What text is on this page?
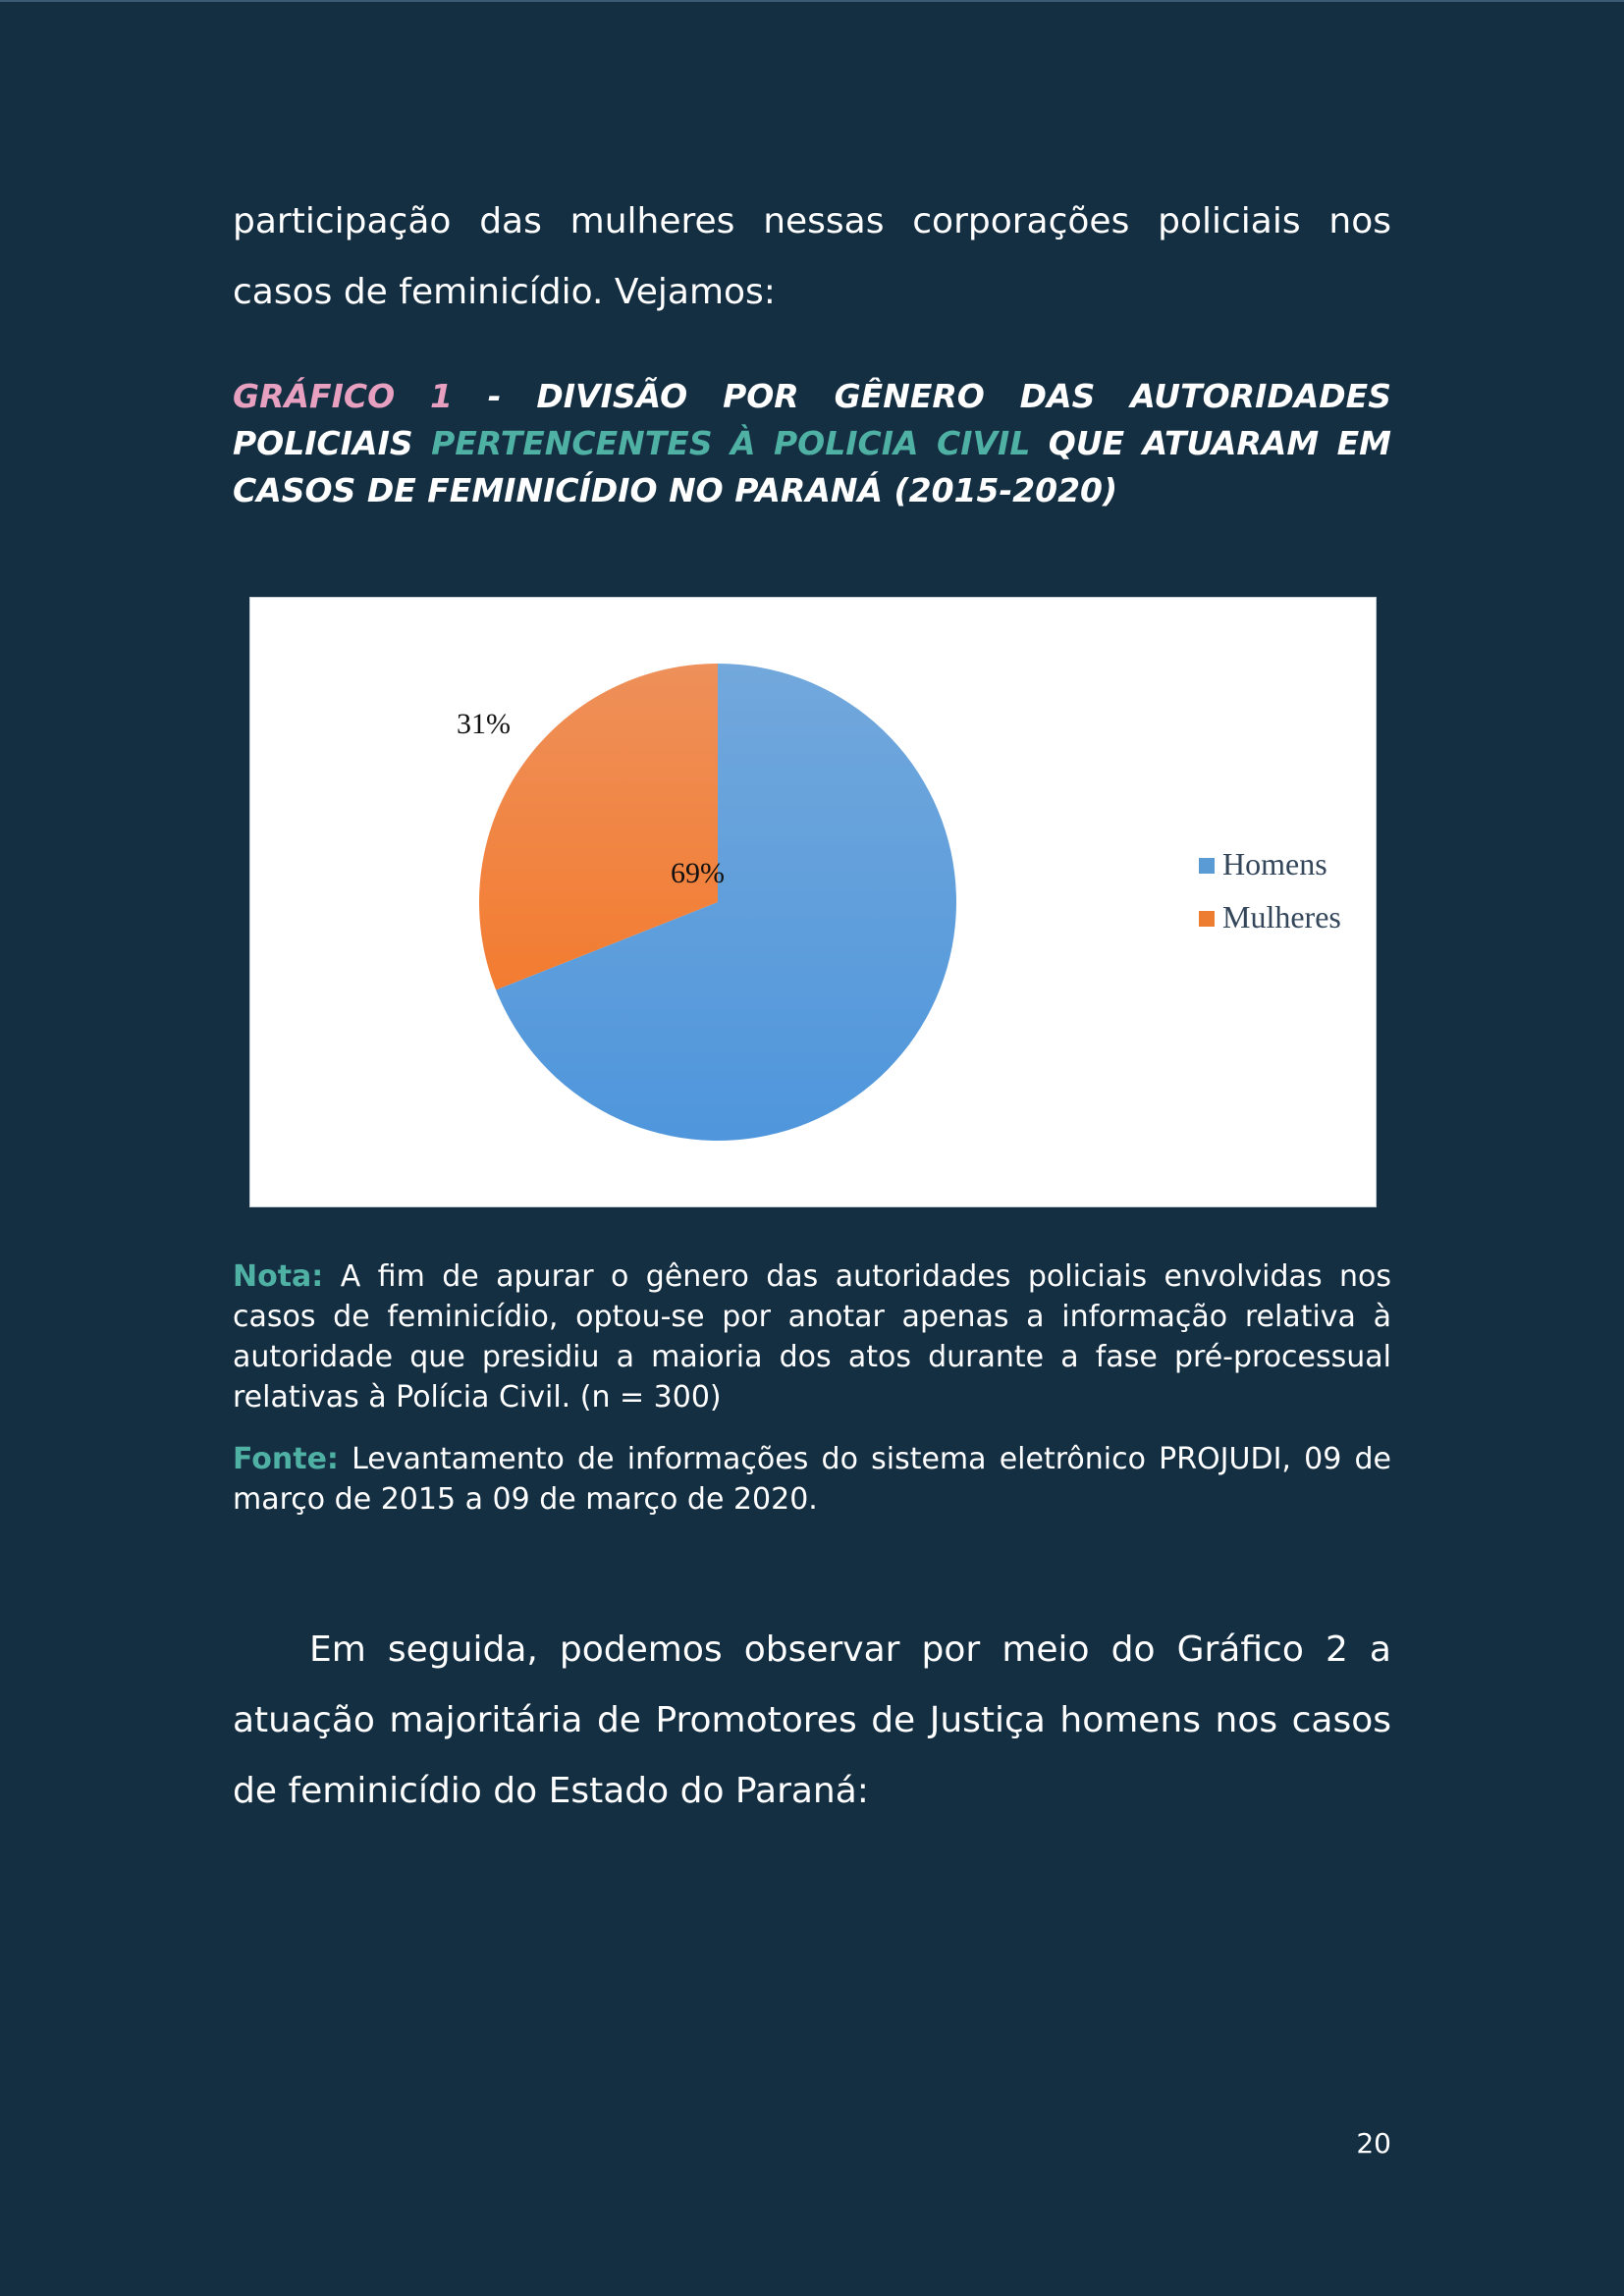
participação das mulheres nessas corporações policiais nos casos de feminicídio. Vejamos:

GRÁFICO 1 - DIVISÃO POR GÊNERO DAS AUTORIDADES POLICIAIS PERTENCENTES À POLICIA CIVIL QUE ATUARAM EM CASOS DE FEMINICÍDIO NO PARANÁ (2015-2020)
69%
31%
Homens
Mulheres

Nota: A fim de apurar o gênero das autoridades policiais envolvidas nos casos de feminicídio, optou-se por anotar apenas a informação relativa à autoridade que presidiu a maioria dos atos durante a fase pré-processual relativas à Polícia Civil. (n = 300)

Fonte: Levantamento de informações do sistema eletrônico PROJUDI, 09 de março de 2015 a 09 de março de 2020.

Em seguida, podemos observar por meio do Gráfico 2 a atuação majoritária de Promotores de Justiça homens nos casos de feminicídio do Estado do Paraná:

20
